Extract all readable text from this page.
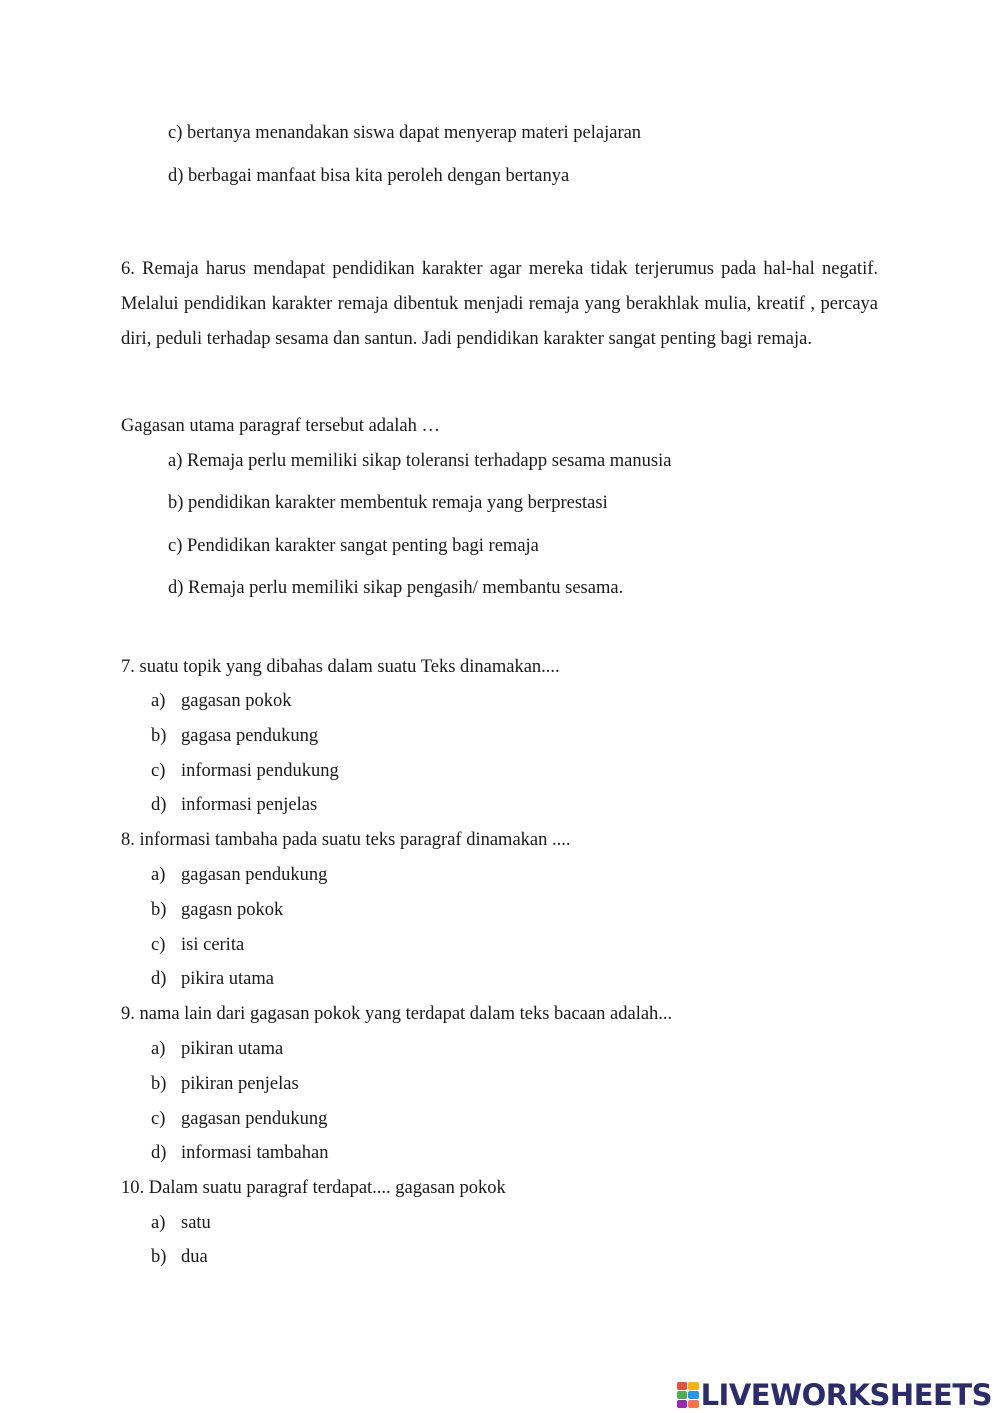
c) bertanya menandakan siswa dapat menyerap materi pelajaran
d) berbagai manfaat bisa kita peroleh dengan bertanya
6. Remaja harus mendapat pendidikan karakter agar mereka tidak terjerumus pada hal-hal negatif. Melalui pendidikan karakter remaja dibentuk menjadi remaja yang berakhlak mulia, kreatif , percaya diri, peduli terhadap sesama dan santun. Jadi pendidikan karakter sangat penting bagi remaja.
Gagasan utama paragraf tersebut adalah …
a) Remaja perlu memiliki sikap toleransi terhadapp sesama manusia
b) pendidikan karakter membentuk remaja yang berprestasi
c) Pendidikan karakter sangat penting bagi remaja
d) Remaja perlu memiliki sikap pengasih/ membantu sesama.
7. suatu topik yang dibahas dalam suatu Teks dinamakan....
a) gagasan pokok
b) gagasa pendukung
c) informasi pendukung
d) informasi penjelas
8. informasi tambaha pada suatu teks paragraf dinamakan ....
a) gagasan pendukung
b) gagasn pokok
c) isi cerita
d) pikira utama
9. nama lain dari gagasan pokok yang terdapat dalam teks bacaan adalah...
a) pikiran utama
b) pikiran penjelas
c) gagasan pendukung
d) informasi tambahan
10. Dalam suatu paragraf terdapat.... gagasan pokok
a) satu
b) dua
LIVEWORKSHEETS
